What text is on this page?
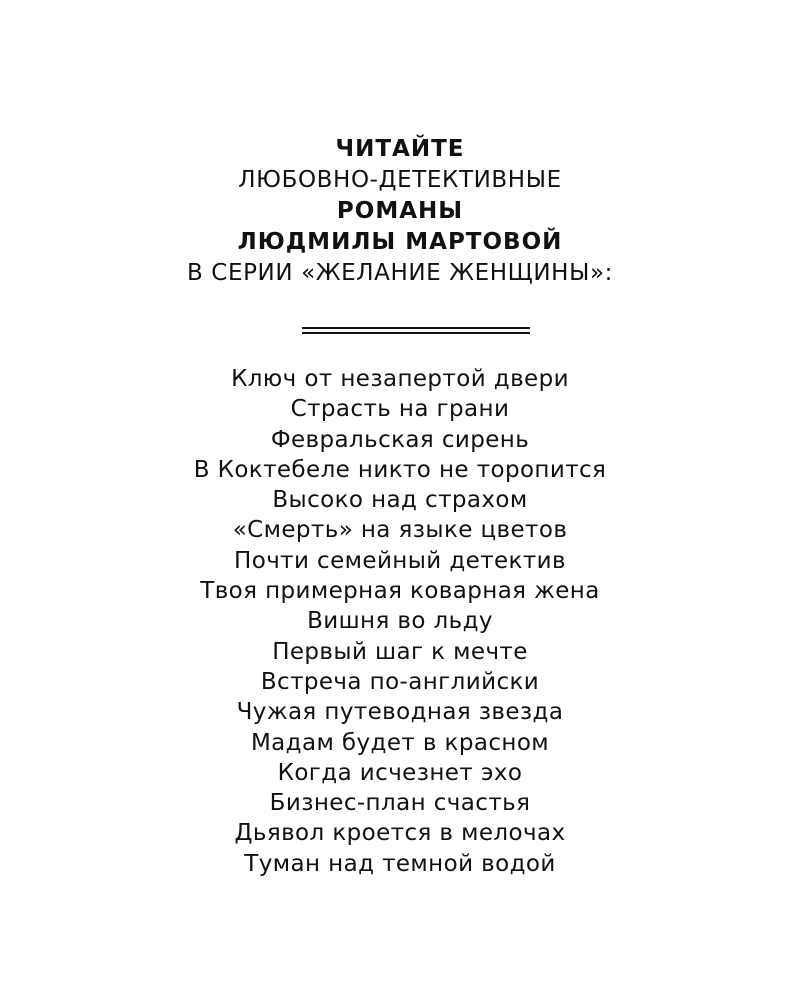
ЧИТАЙТЕ
ЛЮБОВНО-ДЕТЕКТИВНЫЕ
РОМАНЫ
ЛЮДМИЛЫ МАРТОВОЙ
В СЕРИИ «ЖЕЛАНИЕ ЖЕНЩИНЫ»:
Ключ от незапертой двери
Страсть на грани
Февральская сирень
В Коктебеле никто не торопится
Высоко над страхом
«Смерть» на языке цветов
Почти семейный детектив
Твоя примерная коварная жена
Вишня во льду
Первый шаг к мечте
Встреча по-английски
Чужая путеводная звезда
Мадам будет в красном
Когда исчезнет эхо
Бизнес-план счастья
Дьявол кроется в мелочах
Туман над темной водой
